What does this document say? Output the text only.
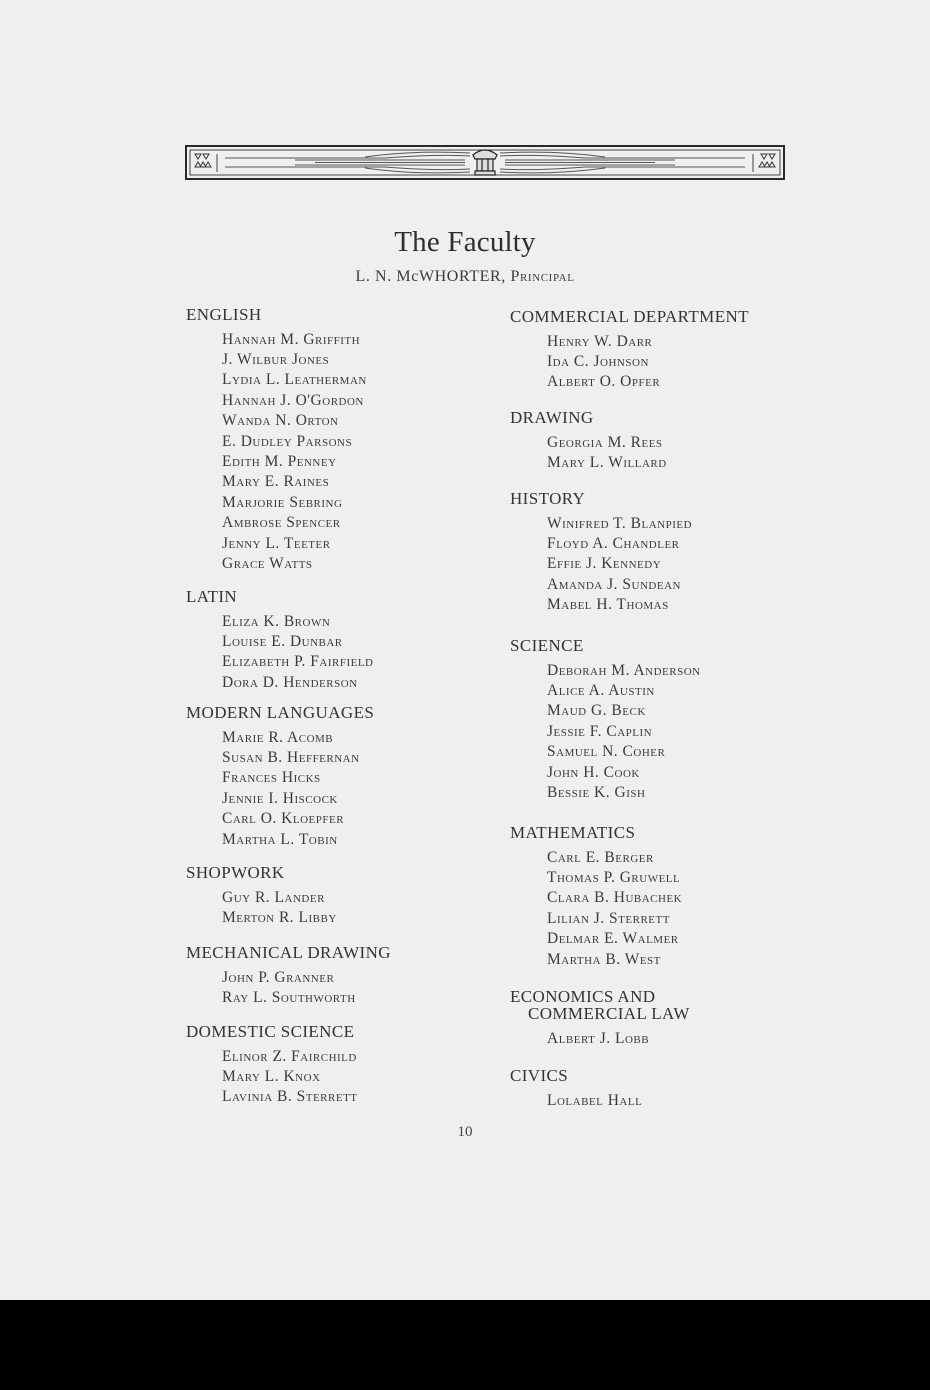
The Faculty
L. N. McWHORTER, Principal
ENGLISH
Hannah M. Griffith
J. Wilbur Jones
Lydia L. Leatherman
Hannah J. O'Gordon
Wanda N. Orton
E. Dudley Parsons
Edith M. Penney
Mary E. Raines
Marjorie Sebring
Ambrose Spencer
Jenny L. Teeter
Grace Watts
LATIN
Eliza K. Brown
Louise E. Dunbar
Elizabeth P. Fairfield
Dora D. Henderson
MODERN LANGUAGES
Marie R. Acomb
Susan B. Heffernan
Frances Hicks
Jennie I. Hiscock
Carl O. Kloepfer
Martha L. Tobin
SHOPWORK
Guy R. Lander
Merton R. Libby
MECHANICAL DRAWING
John P. Granner
Ray L. Southworth
DOMESTIC SCIENCE
Elinor Z. Fairchild
Mary L. Knox
Lavinia B. Sterrett
COMMERCIAL DEPARTMENT
Henry W. Darr
Ida C. Johnson
Albert O. Opfer
DRAWING
Georgia M. Rees
Mary L. Willard
HISTORY
Winifred T. Blanpied
Floyd A. Chandler
Effie J. Kennedy
Amanda J. Sundean
Mabel H. Thomas
SCIENCE
Deborah M. Anderson
Alice A. Austin
Maud G. Beck
Jessie F. Caplin
Samuel N. Coher
John H. Cook
Bessie K. Gish
MATHEMATICS
Carl E. Berger
Thomas P. Gruwell
Clara B. Hubachek
Lilian J. Sterrett
Delmar E. Walmer
Martha B. West
ECONOMICS AND
COMMERCIAL LAW
Albert J. Lobb
CIVICS
Lolabel Hall
10
